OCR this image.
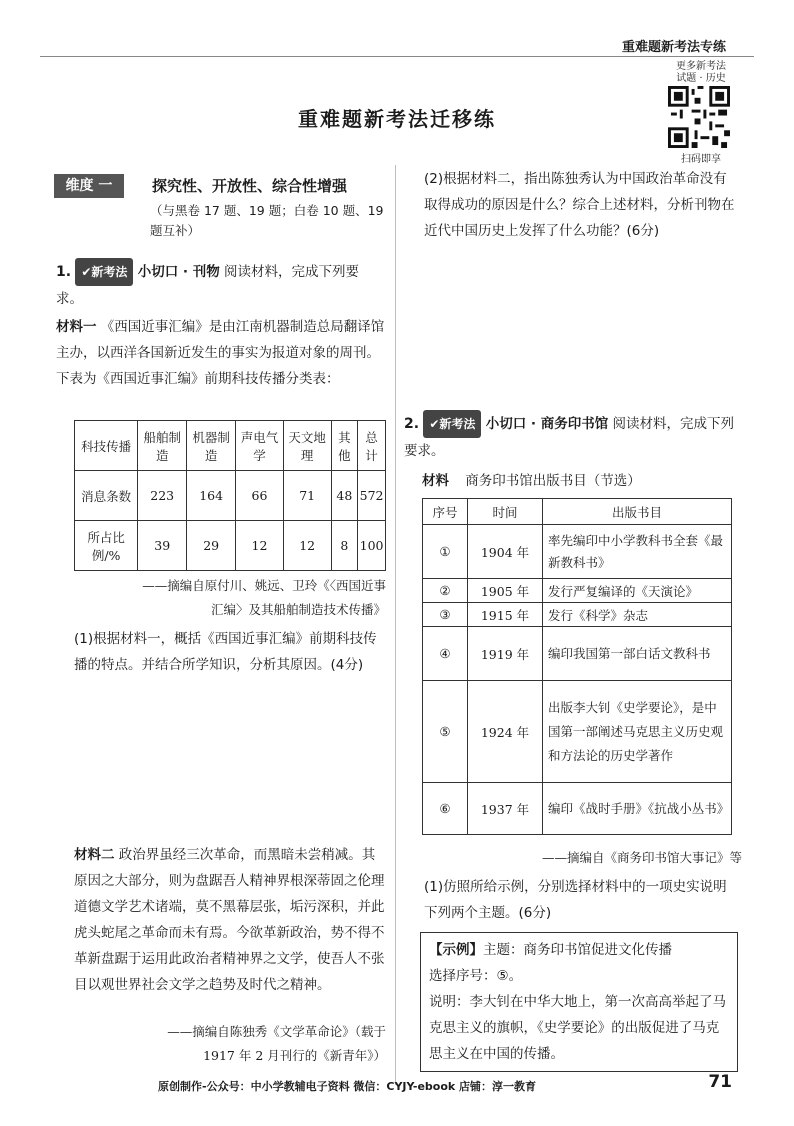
重难题新考法专练
更多新考法
试题 · 历史
扫码即享
重难题新考法迁移练
维度 一	探究性、开放性、综合性增强
（与黑卷 17 题、19 题；白卷 10 题、19 题互补）
1. ✔新考法 小切口 · 刊物 阅读材料，完成下列要求。
材料一 《西国近事汇编》是由江南机器制造总局翻译馆主办，以西洋各国新近发生的事实为报道对象的周刊。下表为《西国近事汇编》前期科技传播分类表：
科技传播	船舶制造	机器制造	声电气学	天文地理	其他	总计
消息条数	223	164	66	71	48	572
所占比例/%	39	29	12	12	8	100
——摘编自原付川、姚远、卫玲《〈西国近事
汇编〉及其船舶制造技术传播》
(1)根据材料一，概括《西国近事汇编》前期科技传播的特点。并结合所学知识，分析其原因。(4分)
材料二 政治界虽经三次革命，而黑暗未尝稍减。其原因之大部分，则为盘踞吾人精神界根深蒂固之伦理道德文学艺术诸端，莫不黑幕层张，垢污深积，并此虎头蛇尾之革命而未有焉。今欲革新政治，势不得不革新盘踞于运用此政治者精神界之文学，使吾人不张目以观世界社会文学之趋势及时代之精神。
——摘编自陈独秀《文学革命论》（载于
1917 年 2 月刊行的《新青年》）
(2)根据材料二，指出陈独秀认为中国政治革命没有取得成功的原因是什么？综合上述材料，分析刊物在近代中国历史上发挥了什么功能？(6分)
2. ✔新考法 小切口 · 商务印书馆 阅读材料，完成下列要求。
材料 商务印书馆出版书目（节选）
序号	时间	出版书目
①	1904 年	率先编印中小学教科书全套《最新教科书》
②	1905 年	发行严复编译的《天演论》
③	1915 年	发行《科学》杂志
④	1919 年	编印我国第一部白话文教科书
⑤	1924 年	出版李大钊《史学要论》，是中国第一部阐述马克思主义历史观和方法论的历史学著作
⑥	1937 年	编印《战时手册》《抗战小丛书》
——摘编自《商务印书馆大事记》等
(1)仿照所给示例，分别选择材料中的一项史实说明下列两个主题。(6分)
【示例】主题：商务印书馆促进文化传播
选择序号：⑤。
说明：李大钊在中华大地上，第一次高高举起了马克思主义的旗帜，《史学要论》的出版促进了马克思主义在中国的传播。
原创制作-公众号：中小学教辅电子资料 微信：CYJY-ebook 店铺：淳一教育	71
